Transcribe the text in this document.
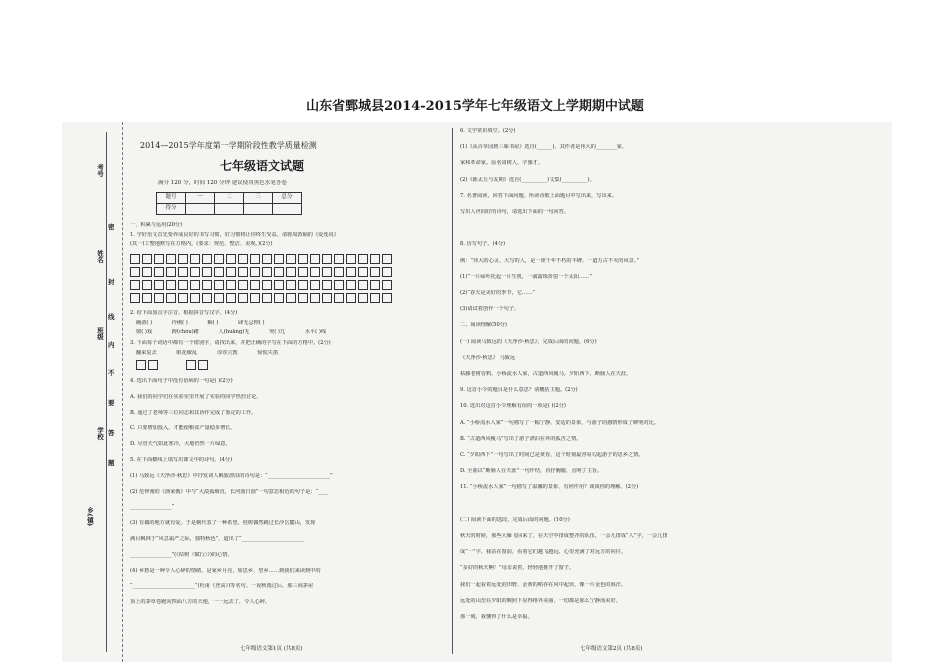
山东省鄄城县2014-2015学年七年级语文上学期期中试题
考号
姓名
班级
学校
乡(镇)
密
封
线
内
不
要
答
题
2014—2015学年度第一学期阶段性教学质量检测
七年级语文试题
满分 120 分，时间 120 分钟 建议使用黑色水笔答卷
题号	一	二	三	总分
得分				
一、积累与运用(20分)
1. 学好语文首先要养成良好的书写习惯，好习惯将让你终生受益。请将周敦颐的《爱莲说》
(其一)工整地默写在方格内。(要求：规范、整洁、美观。)(2分)
2. 给下面加点字注音，根据拼音写汉字。(4分)
确凿( )	伶俐( )	瞬( )	肆无忌惮( )
嬉( )戏	踌(chóu)躇	人(huāng)无	突( )兀	水平( )线
3. 下面每个词语中都有一个错别字，请找出来，并把正确的字写在下面的方格中。(2分)
翻来复去	眼花缭乱	谆谆言教	惊慌失措
4. 选出下面句子中没有语病的一句是( )(2分)
A. 我们的同学们在实验室里开展了实验的同学热烈讨论。
B. 通过了老师等三位同志和其协作完成了鉴定的工作。
C. 只要增加投入，才能使粮食产量稳步增长。
D. 尽管天气如此寒冷，大地仍然一片绿意。
5. 在下面横线上填写出课文中的诗句。(4分)
(1) 马致远《天净沙·秋思》中抒发词人羁旅漂泊的诗句是：“________________________”
(2) 范仲淹的《渔家傲》中与“大漠孤烟直，长河落日圆”一句意思相近的句子是：“____
________________”
(3) 有偶的地方就有爱。于是枫代表了一种希望。桂树偶然跳过长沙岳麓山，发现
满目枫林于“风急霜严之际，独特秋色”，道出了“________________________
________________”(《枯树〈赋行〉》)的心情。
(4) 乡愁是一种令人心碎的情绪，是家乡月亮，如思乡、望乡……到我们来读到中的
“________________________”(杜甫《登高》)等名句。一夜秋雨过后，那三间茅屋
顶上的茅草卷跑向四面八方的天地，一一远去了，令人心碎。
七年级语文第1页 (共8页)
6. 文学常识填空。(2分)
(1)《从百草园到三味书屋》选自(______)，其作者是伟大的________家、
家和革命家。原名周树人，字豫才。
(2)《陈太丘与友期》选自(__________)文集(__________)。
7. 名著阅读，回答下面问题。所读诗歌上面题目中写出来，写出来。
写出人世间好的诗句，请选出下面的一句回答。
8. 仿写句子。(4分)
例：“伟大的心灵、大写的人，是一座千年不朽的丰碑、一道万古不灭的风景。”
(1)“一片绿叶托起一片生机，一滴露珠折射一个太阳……”
(2)“春天是美好的季节，它……”
(3)请试着创作一个句子。
二、阅读理解(50分)
(一) 阅读马致远的《天净沙·秋思》，完成后面的问题。(6分)
《天净沙·秋思》 马致远
枯藤老树昏鸦，小桥流水人家，古道西风瘦马。夕阳西下，断肠人在天涯。
9. 这首小令的题目是什么意思？请概括主题。(2分)
10. 选出对这首小令理解有误的一项是( )(2分)
A. “小桥流水人家”一句描写了一幅宁静、安适的景象，与游子的感情形成了鲜明对比。
B. “古道西风瘦马”写出了游子漂泊在外的孤苦之情。
C. “夕阳西下”一句写出了时间已是黄昏，这个时刻最容易勾起游子的思乡之情。
D. 全曲以“断肠人在天涯”一句作结，直抒胸臆，点明了主旨。
11. “小桥流水人家”一句描写了温馨的景象，有何作用？谈谈你的理解。(2分)
(二) 阅读下面的选段，完成后面的问题。(10分)
秋天的时候，那些大雁飞回来了，在天空中排成整齐的队伍，一会儿排成“人”字，一会儿排
成“一”字。我站在窗前，看着它们越飞越远，心里充满了对远方的向往。
“多好的秋天啊！”母亲说着，轻轻地推开了窗子。
我们一起看着远处的田野，金黄的稻谷在风中起伏，像一片金色的海洋。
远处的山峦在夕阳的映照下显得格外美丽，一切都是那么宁静而美好。
那一刻，我懂得了什么是幸福。
七年级语文第2页 (共8页)
